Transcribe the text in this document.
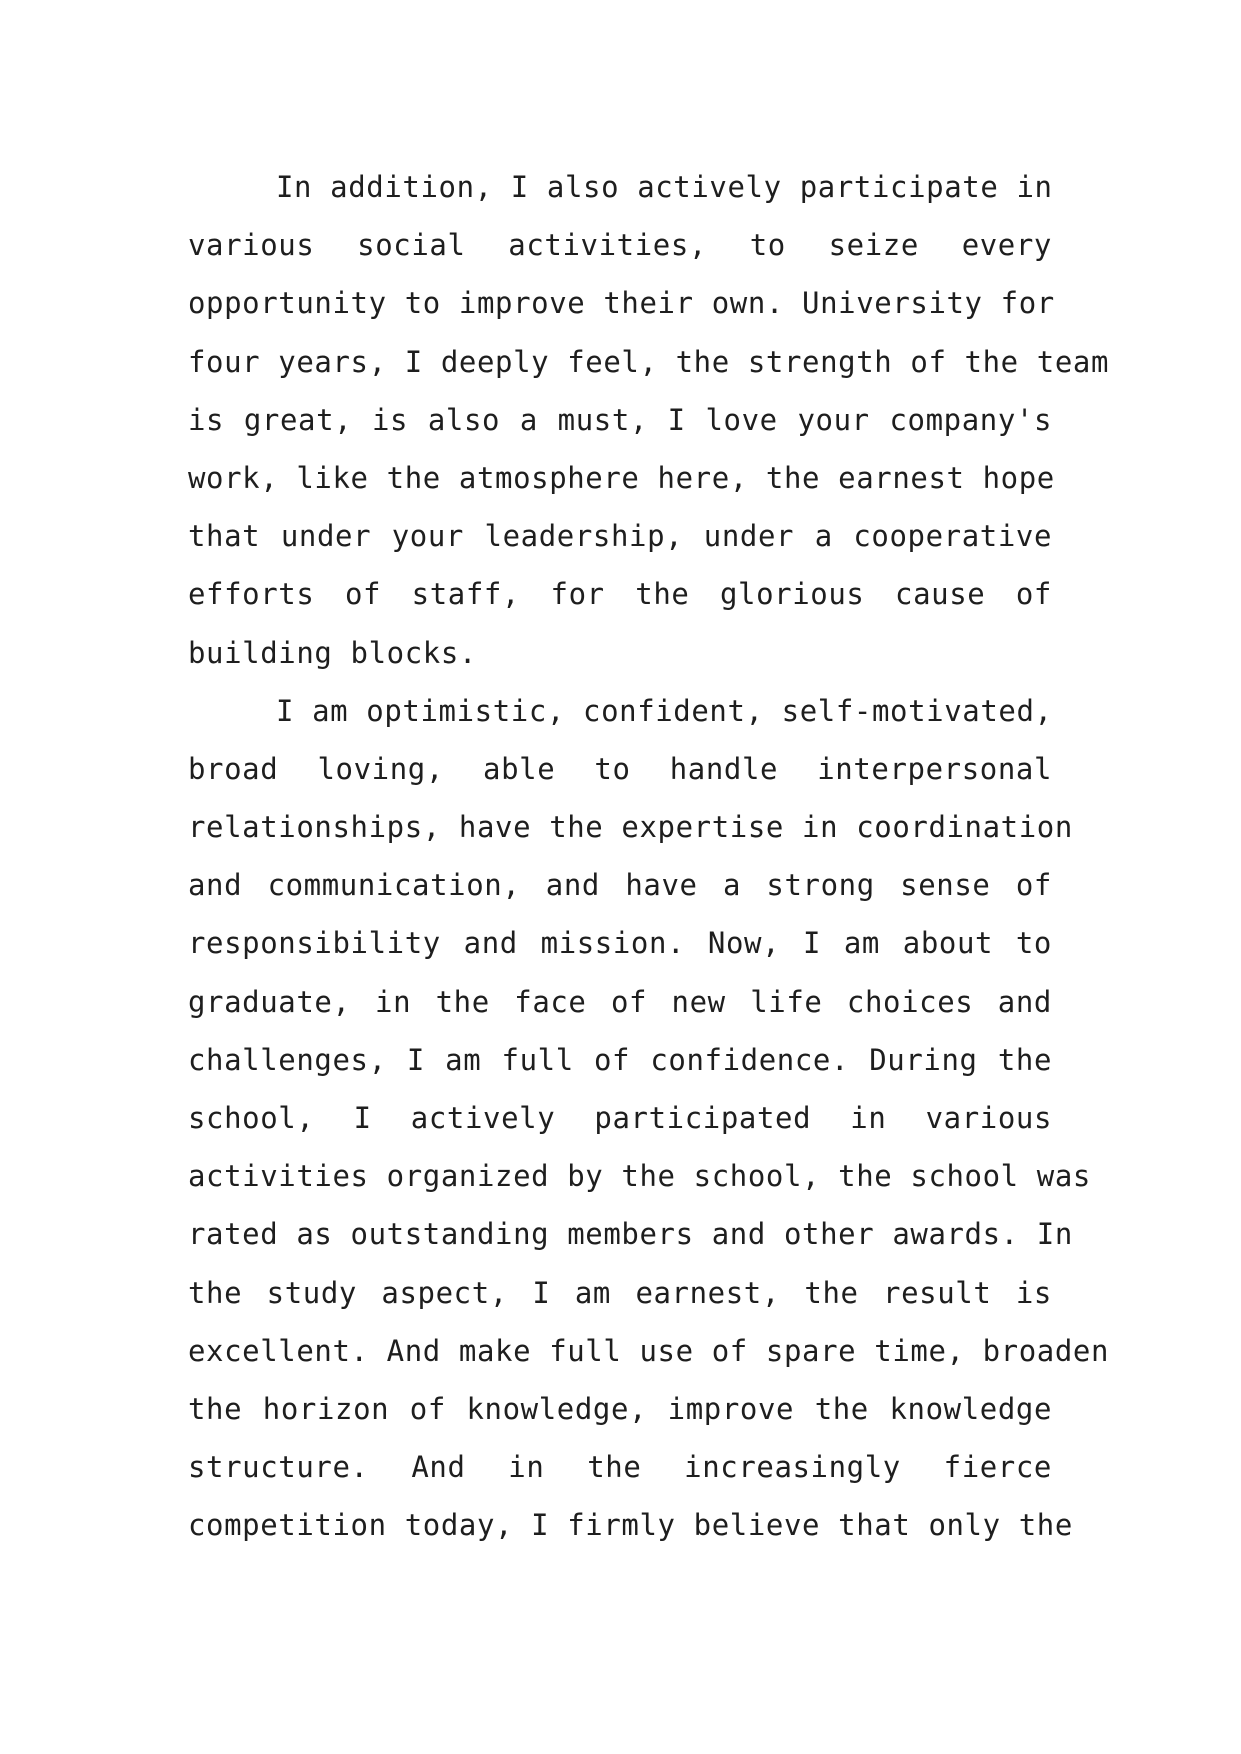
In addition, I also actively participate in
various social activities, to seize every
opportunity to improve their own. University for
four years, I deeply feel, the strength of the team
is great, is also a must, I love your company's
work, like the atmosphere here, the earnest hope
that under your leadership, under a cooperative
efforts of staff, for the glorious cause of
building blocks.
I am optimistic, confident, self-motivated,
broad loving, able to handle interpersonal
relationships, have the expertise in coordination
and communication, and have a strong sense of
responsibility and mission. Now, I am about to
graduate, in the face of new life choices and
challenges, I am full of confidence. During the
school, I actively participated in various
activities organized by the school, the school was
rated as outstanding members and other awards. In
the study aspect, I am earnest, the result is
excellent. And make full use of spare time, broaden
the horizon of knowledge, improve the knowledge
structure. And in the increasingly fierce
competition today, I firmly believe that only the
